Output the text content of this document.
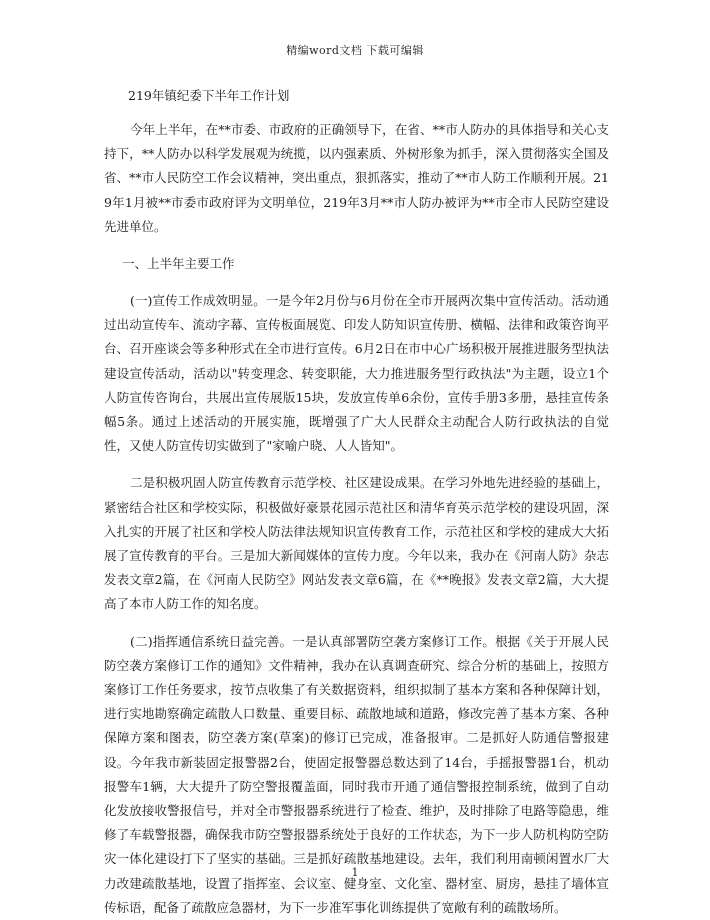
精编word文档 下载可编辑

219年镇纪委下半年工作计划

今年上半年，在**市委、市政府的正确领导下，在省、**市人防办的具体指导和关心支持下，**人防办以科学发展观为统揽，以内强素质、外树形象为抓手，深入贯彻落实全国及省、**市人民防空工作会议精神，突出重点，狠抓落实，推动了**市人防工作顺利开展。219年1月被**市委市政府评为文明单位，219年3月**市人防办被评为**市全市人民防空建设先进单位。

一、上半年主要工作

(一)宣传工作成效明显。一是今年2月份与6月份在全市开展两次集中宣传活动。活动通过出动宣传车、流动字幕、宣传板面展览、印发人防知识宣传册、横幅、法律和政策咨询平台、召开座谈会等多种形式在全市进行宣传。6月2日在市中心广场积极开展推进服务型执法建设宣传活动，活动以"转变理念、转变职能，大力推进服务型行政执法"为主题，设立1个人防宣传咨询台，共展出宣传展版15块，发放宣传单6余份，宣传手册3多册，悬挂宣传条幅5条。通过上述活动的开展实施，既增强了广大人民群众主动配合人防行政执法的自觉性，又使人防宣传切实做到了"家喻户晓、人人皆知"。

二是积极巩固人防宣传教育示范学校、社区建设成果。在学习外地先进经验的基础上，紧密结合社区和学校实际，积极做好豪景花园示范社区和清华育英示范学校的建设巩固，深入扎实的开展了社区和学校人防法律法规知识宣传教育工作，示范社区和学校的建成大大拓展了宣传教育的平台。三是加大新闻媒体的宣传力度。今年以来，我办在《河南人防》杂志发表文章2篇，在《河南人民防空》网站发表文章6篇，在《**晚报》发表文章2篇，大大提高了本市人防工作的知名度。

(二)指挥通信系统日益完善。一是认真部署防空袭方案修订工作。根据《关于开展人民防空袭方案修订工作的通知》文件精神，我办在认真调查研究、综合分析的基础上，按照方案修订工作任务要求，按节点收集了有关数据资料，组织拟制了基本方案和各种保障计划，进行实地勘察确定疏散人口数量、重要目标、疏散地域和道路，修改完善了基本方案、各种保障方案和图表，防空袭方案(草案)的修订已完成，准备报审。二是抓好人防通信警报建设。今年我市新装固定报警器2台，使固定报警器总数达到了14台，手摇报警器1台，机动报警车1辆，大大提升了防空警报覆盖面，同时我市开通了通信警报控制系统，做到了自动化发放接收警报信号，并对全市警报器系统进行了检查、维护，及时排除了电路等隐患，维修了车载警报器，确保我市防空警报器系统处于良好的工作状态，为下一步人防机构防空防灾一体化建设打下了坚实的基础。三是抓好疏散基地建设。去年，我们利用南顿闲置水厂大力改建疏散基地，设置了指挥室、会议室、健身室、文化室、器材室、厨房，悬挂了墙体宣传标语，配备了疏散应急器材，为下一步准军事化训练提供了宽敞有利的疏散场所。

1
